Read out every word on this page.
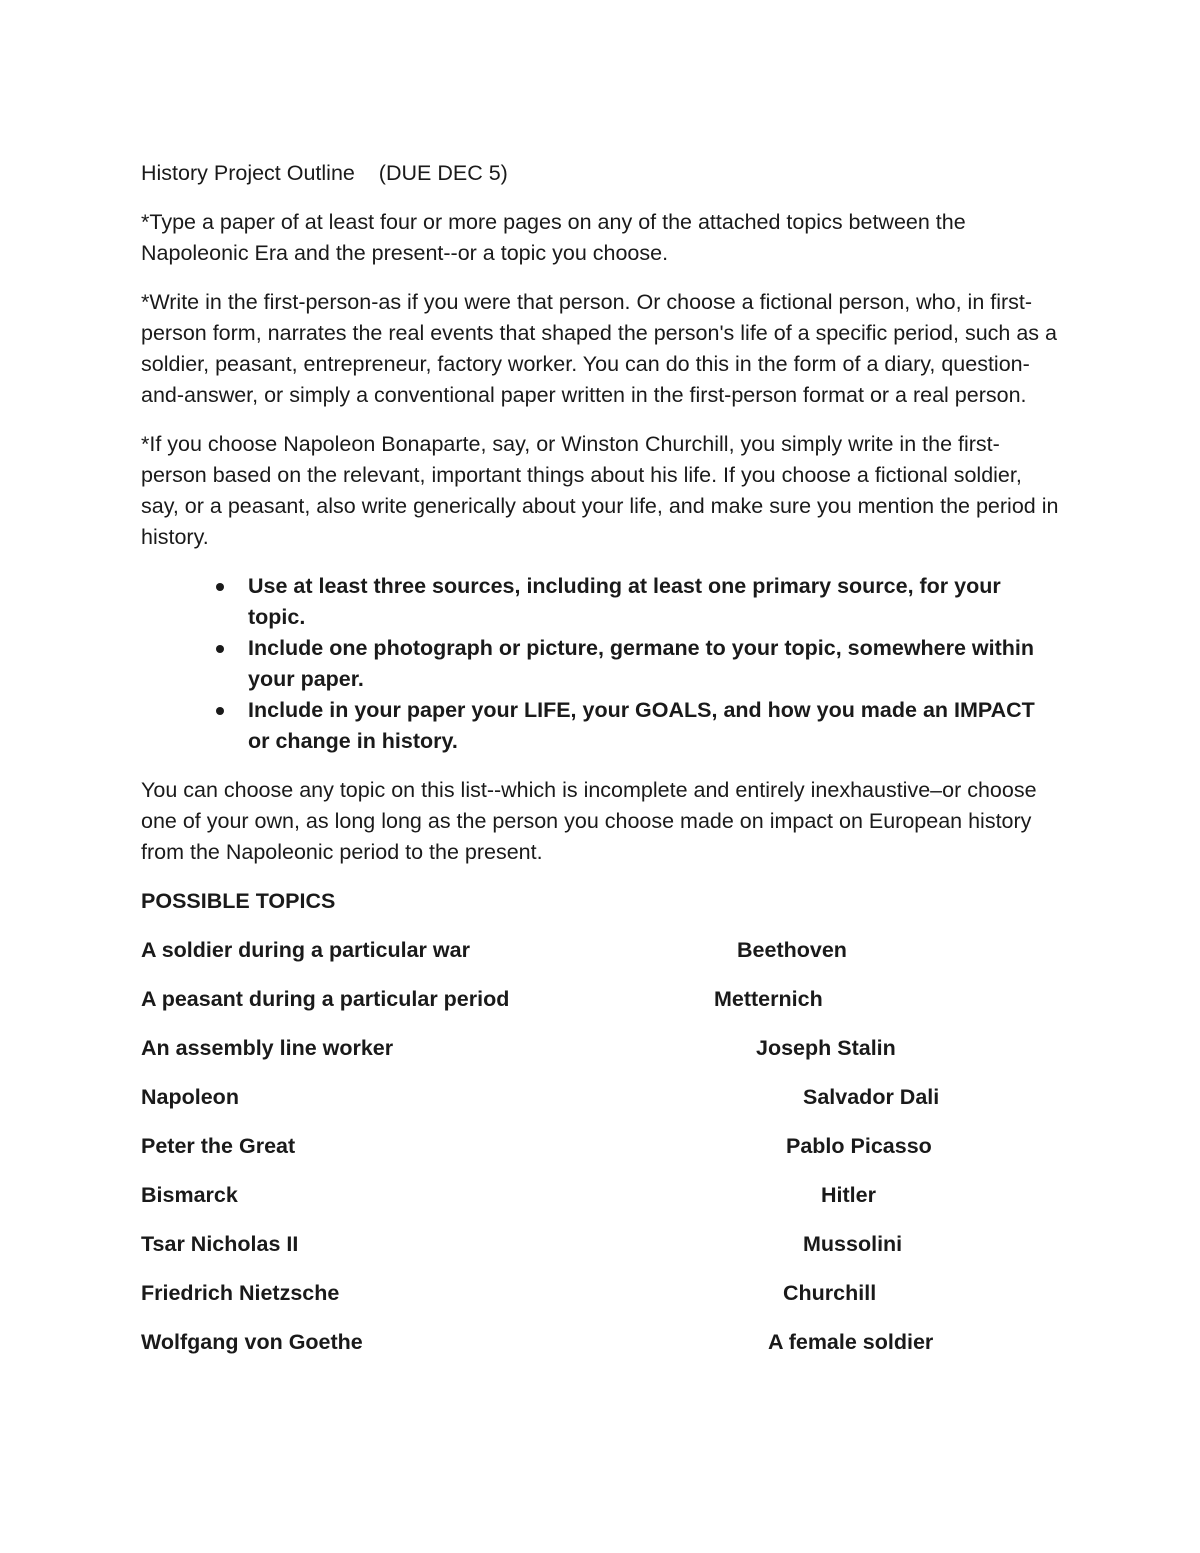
History Project Outline (DUE DEC 5)

*Type a paper of at least four or more pages on any of the attached topics between the Napoleonic Era and the present--or a topic you choose.

*Write in the first-person-as if you were that person. Or choose a fictional person, who, in first-person form, narrates the real events that shaped the person's life of a specific period, such as a soldier, peasant, entrepreneur, factory worker. You can do this in the form of a diary, question-and-answer, or simply a conventional paper written in the first-person format or a real person.

*If you choose Napoleon Bonaparte, say, or Winston Churchill, you simply write in the first-person based on the relevant, important things about his life. If you choose a fictional soldier, say, or a peasant, also write generically about your life, and make sure you mention the period in history.

Use at least three sources, including at least one primary source, for your topic.
Include one photograph or picture, germane to your topic, somewhere within your paper.
Include in your paper your LIFE, your GOALS, and how you made an IMPACT or change in history.

You can choose any topic on this list--which is incomplete and entirely inexhaustive–or choose one of your own, as long long as the person you choose made on impact on European history from the Napoleonic period to the present.

POSSIBLE TOPICS
A soldier during a particular war	Beethoven
A peasant during a particular period	Metternich
An assembly line worker	Joseph Stalin
Napoleon	Salvador Dali
Peter the Great	Pablo Picasso
Bismarck	Hitler
Tsar Nicholas II	Mussolini
Friedrich Nietzsche	Churchill
Wolfgang von Goethe	A female soldier
